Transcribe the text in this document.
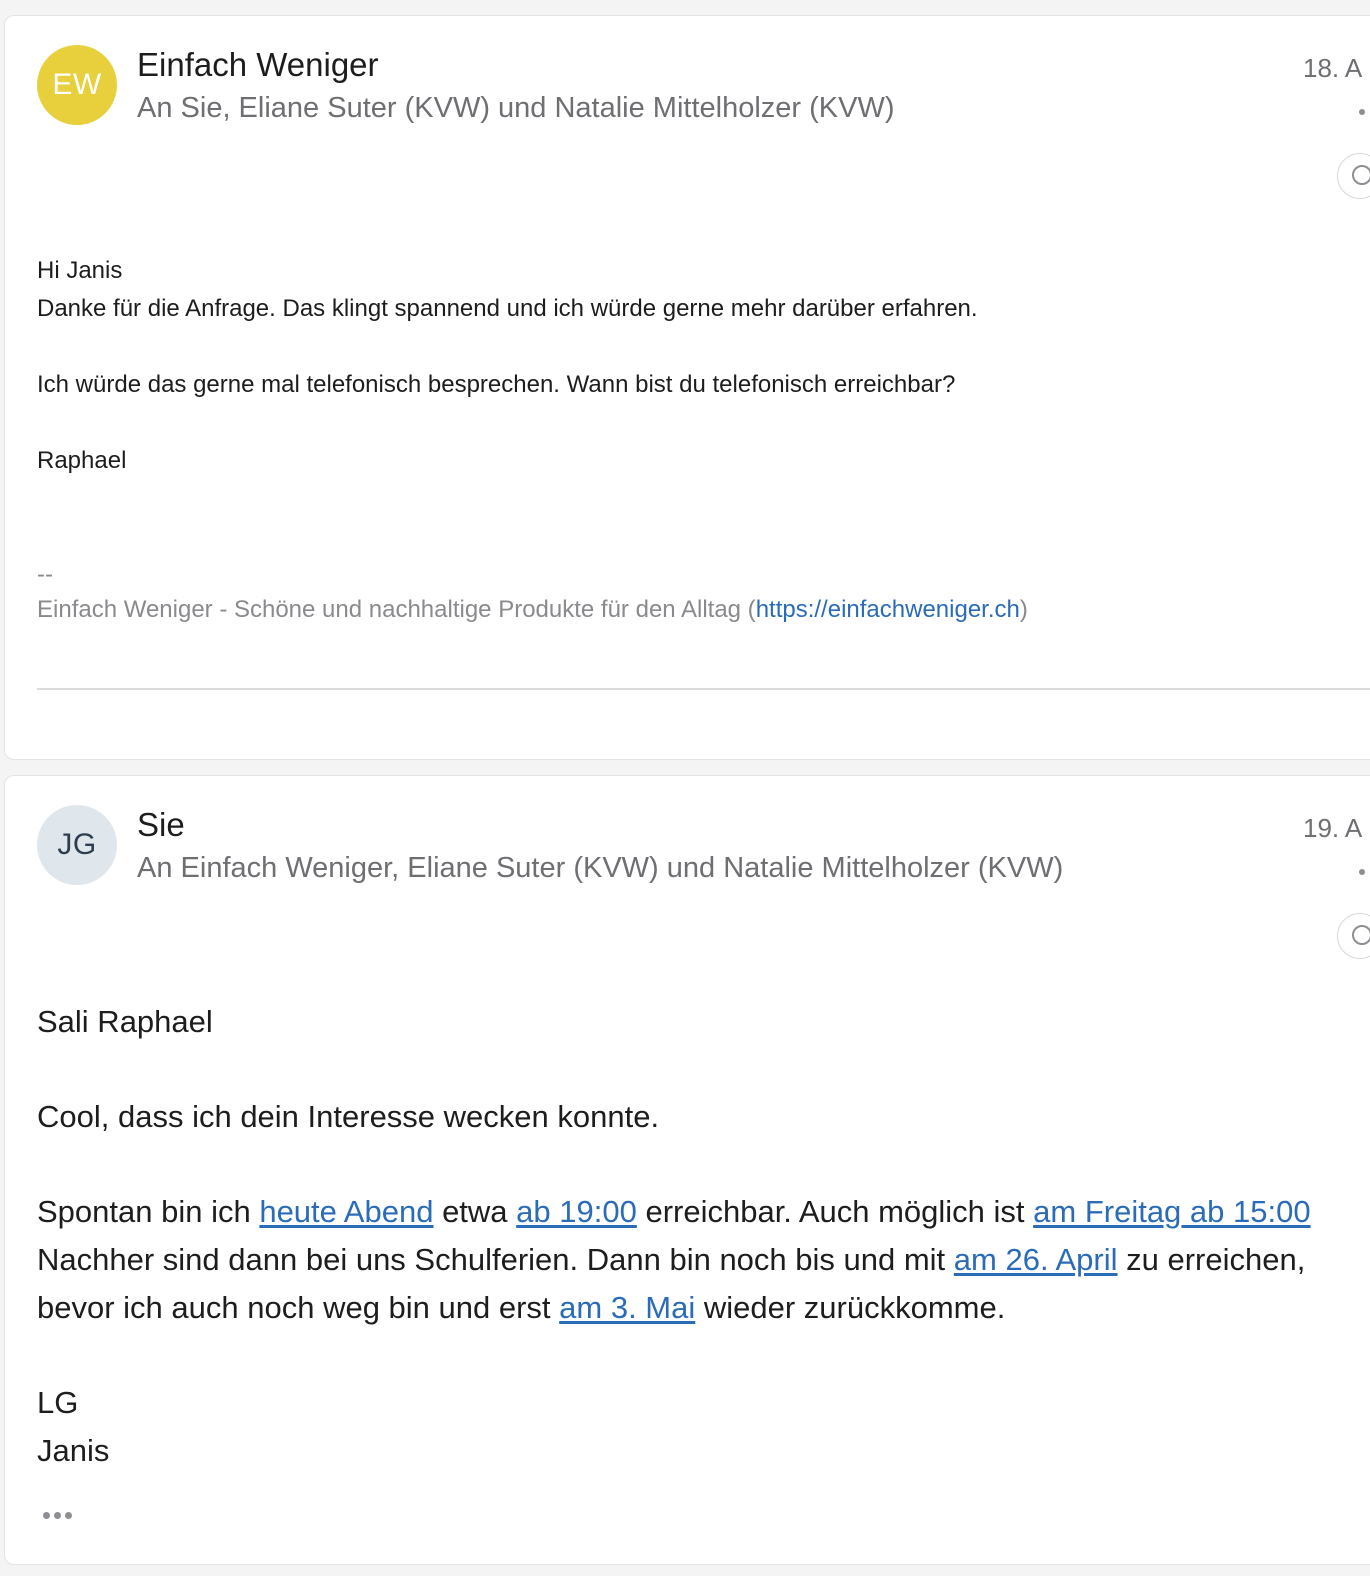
EW
Einfach Weniger
An Sie, Eliane Suter (KVW) und Natalie Mittelholzer (KVW)
18. A
Hi Janis
Danke für die Anfrage. Das klingt spannend und ich würde gerne mehr darüber erfahren.
Ich würde das gerne mal telefonisch besprechen. Wann bist du telefonisch erreichbar?
Raphael
--
Einfach Weniger - Schöne und nachhaltige Produkte für den Alltag (https://einfachweniger.ch)
JG
Sie
An Einfach Weniger, Eliane Suter (KVW) und Natalie Mittelholzer (KVW)
19. A
Sali Raphael
Cool, dass ich dein Interesse wecken konnte.
Spontan bin ich heute Abend etwa ab 19:00 erreichbar. Auch möglich ist am Freitag ab 15:00
Nachher sind dann bei uns Schulferien. Dann bin noch bis und mit am 26. April zu erreichen,
bevor ich auch noch weg bin und erst am 3. Mai wieder zurückkomme.
LG
Janis
